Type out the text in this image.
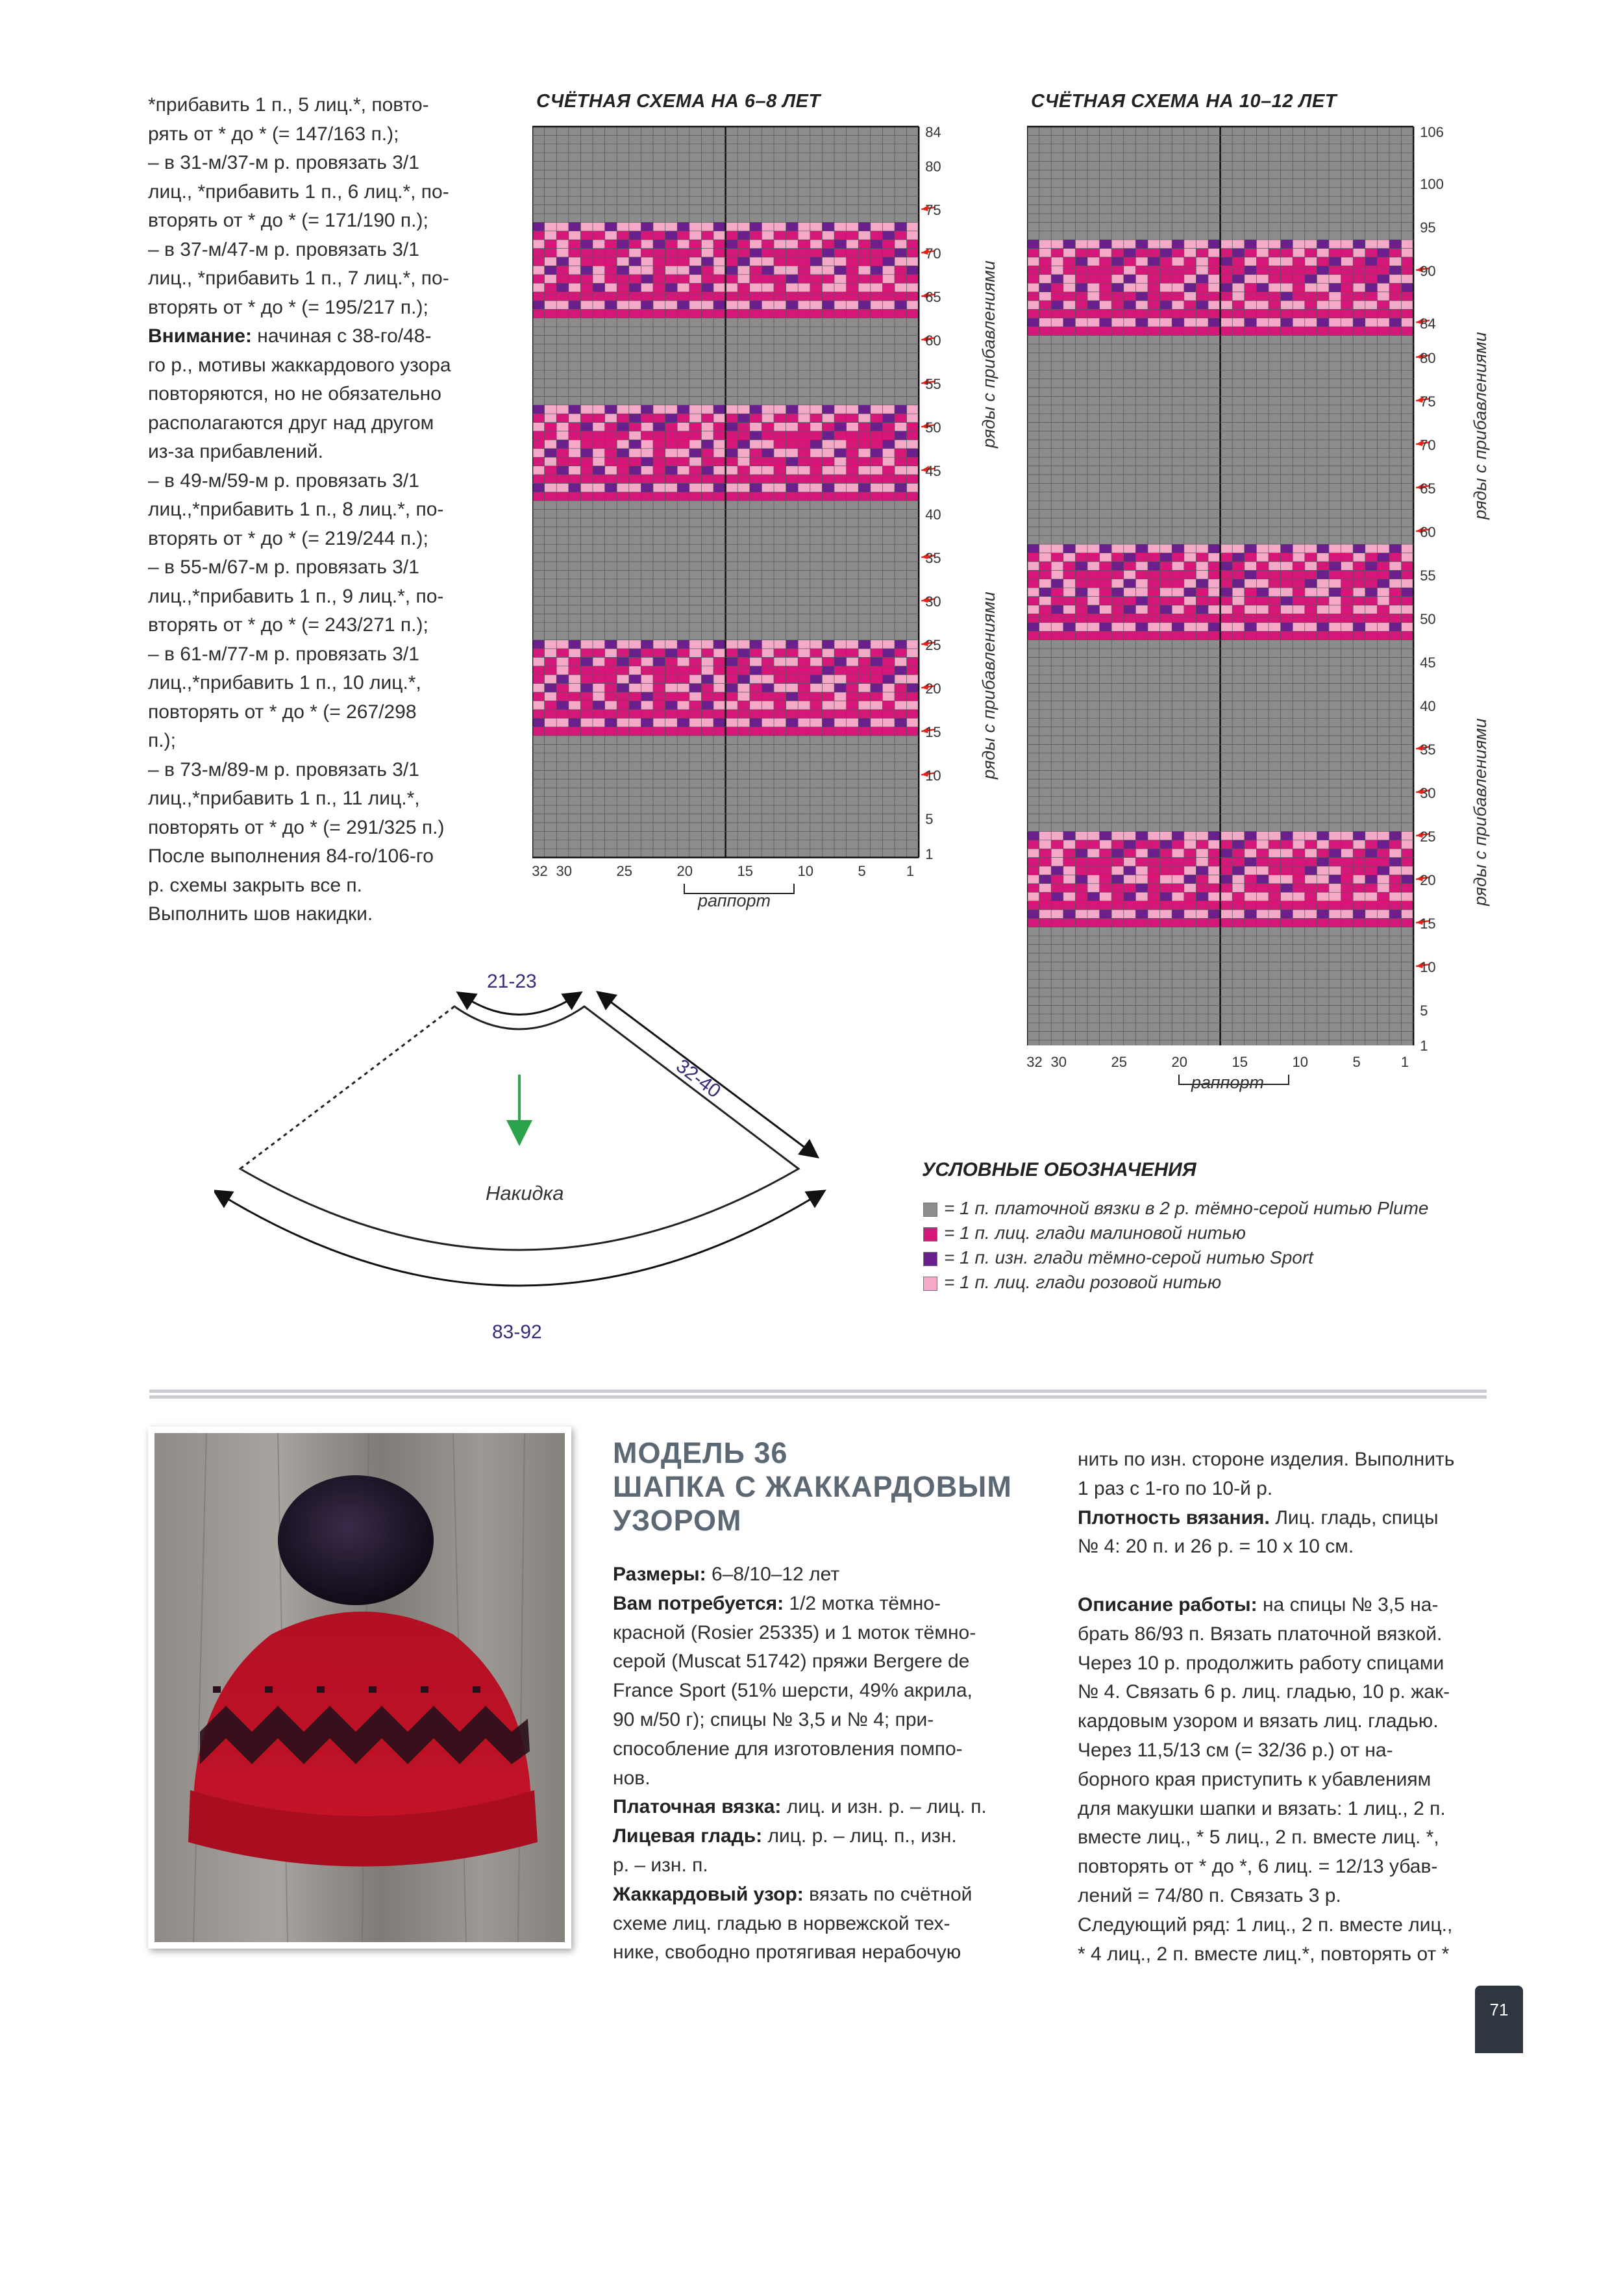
*прибавить 1 п., 5 лиц.*, повто-
рять от * до * (= 147/163 п.);
– в 31-м/37-м р. провязать 3/1
лиц., *прибавить 1 п., 6 лиц.*, по-
вторять от * до * (= 171/190 п.);
– в 37-м/47-м р. провязать 3/1
лиц., *прибавить 1 п., 7 лиц.*, по-
вторять от * до * (= 195/217 п.);
Внимание: начиная с 38-го/48-
го р., мотивы жаккардового узора
повторяются, но не обязательно
располагаются друг над другом
из-за прибавлений.
– в 49-м/59-м р. провязать 3/1
лиц.,*прибавить 1 п., 8 лиц.*, по-
вторять от * до * (= 219/244 п.);
– в 55-м/67-м р. провязать 3/1
лиц.,*прибавить 1 п., 9 лиц.*, по-
вторять от * до * (= 243/271 п.);
– в 61-м/77-м р. провязать 3/1
лиц.,*прибавить 1 п., 10 лиц.*,
повторять от * до * (= 267/298
п.);
– в 73-м/89-м р. провязать 3/1
лиц.,*прибавить 1 п., 11 лиц.*,
повторять от * до * (= 291/325 п.)
После выполнения 84-го/106-го
р. схемы закрыть все п.
Выполнить шов накидки.
СЧЁТНАЯ СХЕМА НА 6–8 ЛЕТ
84
80
75
70
65
60
55
50
45
40
35
30
25
20
15
10
5
1
32 30	25	20	15	10	5	1
раппорт
ряды с прибавлениями
ряды с прибавлениями
СЧЁТНАЯ СХЕМА НА 10–12 ЛЕТ
106
100
95
90
84
80
75
70
65
60
55
50
45
40
35
30
25
20
15
10
5
1
32 30	25	20	15	10	5	1
раппорт
ряды с прибавлениями
ряды с прибавлениями
21-23
32-40
83-92
Накидка
УСЛОВНЫЕ ОБОЗНАЧЕНИЯ
= 1 п. платочной вязки в 2 р. тёмно-серой нитью Plume
= 1 п. лиц. глади малиновой нитью
= 1 п. изн. глади тёмно-серой нитью Sport
= 1 п. лиц. глади розовой нитью
МОДЕЛЬ 36
ШАПКА С ЖАККАРДОВЫМ
УЗОРОМ
Размеры: 6–8/10–12 лет
Вам потребуется: 1/2 мотка тёмно-
красной (Rosier 25335) и 1 моток тёмно-
серой (Muscat 51742) пряжи Bergere de
France Sport (51% шерсти, 49% акрила,
90 м/50 г); спицы № 3,5 и № 4; при-
способление для изготовления помпо-
нов.
Платочная вязка: лиц. и изн. р. – лиц. п.
Лицевая гладь: лиц. р. – лиц. п., изн.
р. – изн. п.
Жаккардовый узор: вязать по счётной
схеме лиц. гладью в норвежской тех-
нике, свободно протягивая нерабочую
нить по изн. стороне изделия. Выполнить
1 раз с 1-го по 10-й р.
Плотность вязания. Лиц. гладь, спицы
№ 4: 20 п. и 26 р. = 10 х 10 см.

Описание работы: на спицы № 3,5 на-
брать 86/93 п. Вязать платочной вязкой.
Через 10 р. продолжить работу спицами
№ 4. Связать 6 р. лиц. гладью, 10 р. жак-
кардовым узором и вязать лиц. гладью.
Через 11,5/13 см (= 32/36 р.) от на-
борного края приступить к убавлениям
для макушки шапки и вязать: 1 лиц., 2 п.
вместе лиц., * 5 лиц., 2 п. вместе лиц. *,
повторять от * до *, 6 лиц. = 12/13 убав-
лений = 74/80 п. Связать 3 р.
Следующий ряд: 1 лиц., 2 п. вместе лиц.,
* 4 лиц., 2 п. вместе лиц.*, повторять от *
71
